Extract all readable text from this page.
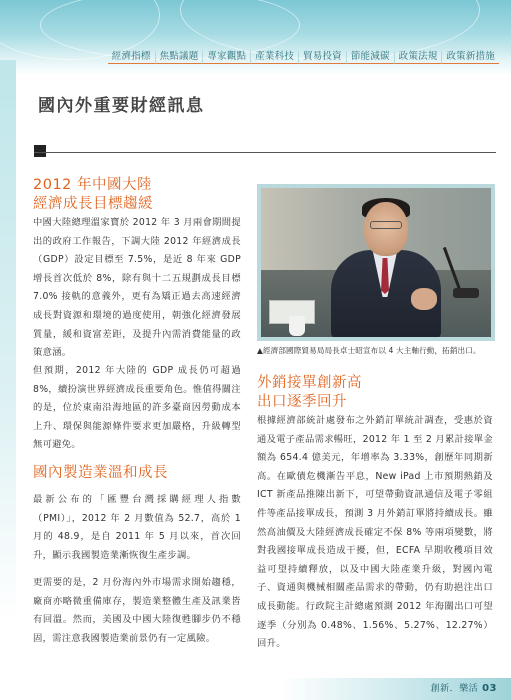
經濟指標 焦點議題 專家觀點 產業科技 貿易投資 節能減碳 政策法規 政策新措施
國內外重要財經訊息
2012 年中國大陸
經濟成長目標趨緩

中國大陸總理溫家寶於 2012 年 3 月兩會期間提出的政府工作報告，下調大陸 2012 年經濟成長（GDP）設定目標至 7.5%，是近 8 年來 GDP 增長首次低於 8%，除有與十二五規劃成長目標 7.0% 接軌的意義外，更有為矯正過去高速經濟成長對資源和環境的過度使用，朝強化經濟發展質量，緩和資富差距，及提升內需消費能量的政策意涵。

但預期，2012 年大陸的 GDP 成長仍可超過 8%，續扮演世界經濟成長重要角色。惟值得關注的是，位於東南沿海地區的許多臺商因勞動成本上升、環保與能源條件要求更加嚴格，升級轉型無可避免。

▲經濟部國際貿易局局長卓士昭宣布以 4 大主軸行動，拓銷出口。
國內製造業溫和成長

最新公布的「匯豐台灣採購經理人指數（PMI）」，2012 年 2 月數值為 52.7，高於 1 月的 48.9，是自 2011 年 5 月以來，首次回升，顯示我國製造業漸恢復生產步調。

更需要的是，2 月份海內外市場需求開始趨穩，廠商亦略微重備庫存，製造業整體生產及訊業皆有回溫。然而，美國及中國大陸復甦腳步仍不穩固，需注意我國製造業前景仍有一定風險。

外銷接單創新高
出口逐季回升

根據經濟部統計處發布之外銷訂單統計調查，受惠於資通及電子產品需求暢旺，2012 年 1 至 2 月累計接單金額為 654.4 億美元，年增率為 3.33%，創歷年同期新高。在歐債危機漸告平息，New iPad 上市預期熱銷及 ICT 新產品推陳出新下，可望帶動資訊通信及電子零組件等產品接單成長，預測 3 月外銷訂單將持續成長。雖然高油價及大陸經濟成長確定不保 8% 等兩項變數，將對我國接單成長造成干擾，但，ECFA 早期收穫項目效益可望持續釋放，以及中國大陸產業升級，對國內電子、資通與機械相關產品需求的帶動，仍有助挹注出口成長動能。行政院主計總處預測 2012 年海關出口可望逐季（分別為 0.48%、1.56%、5.27%、12.27%）回升。

創新．樂活 03
